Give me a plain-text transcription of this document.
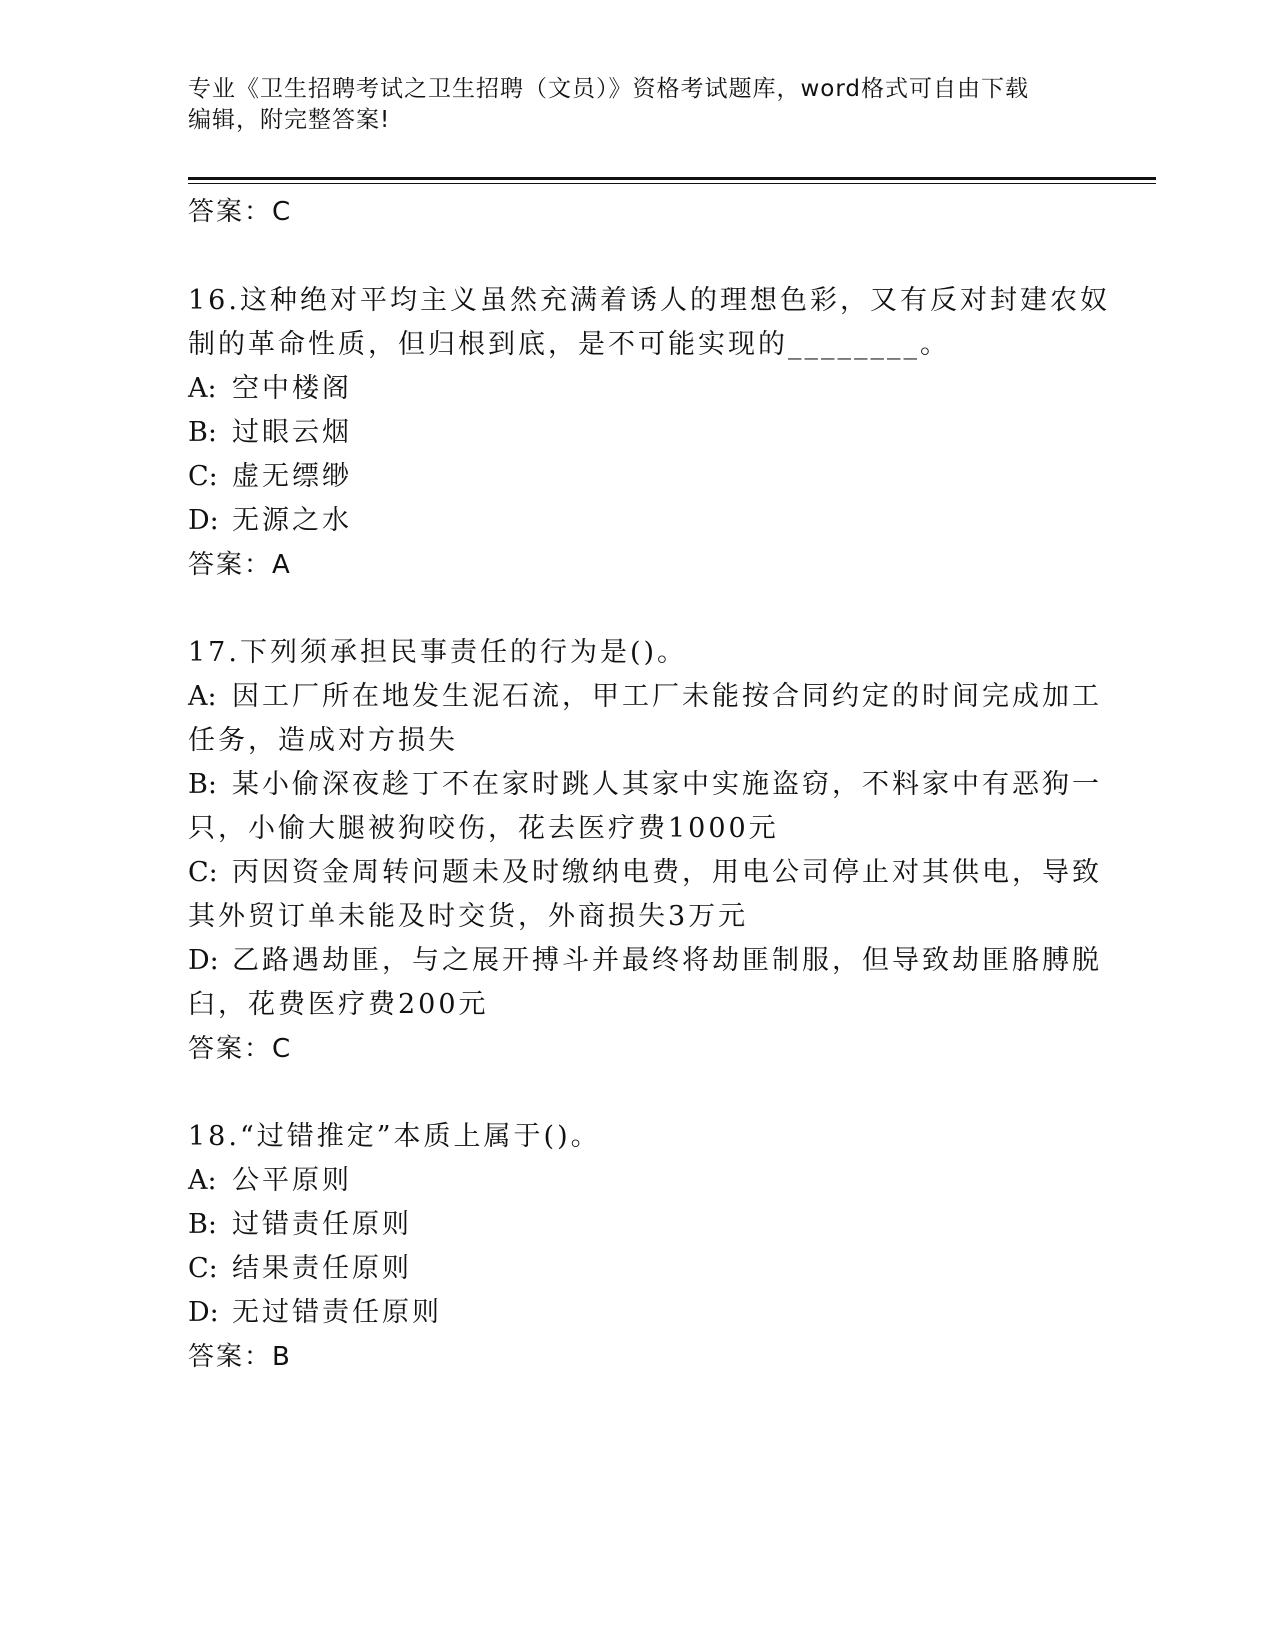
专业《卫生招聘考试之卫生招聘（文员）》资格考试题库，word格式可自由下载
编辑，附完整答案!
答案：C
16.这种绝对平均主义虽然充满着诱人的理想色彩，又有反对封建农奴
制的革命性质，但归根到底，是不可能实现的________。
A: 空中楼阁
B: 过眼云烟
C: 虚无缥缈
D: 无源之水
答案：A
17.下列须承担民事责任的行为是()。
A: 因工厂所在地发生泥石流，甲工厂未能按合同约定的时间完成加工
任务，造成对方损失
B: 某小偷深夜趁丁不在家时跳人其家中实施盗窃，不料家中有恶狗一
只，小偷大腿被狗咬伤，花去医疗费1000元
C: 丙因资金周转问题未及时缴纳电费，用电公司停止对其供电，导致
其外贸订单未能及时交货，外商损失3万元
D: 乙路遇劫匪，与之展开搏斗并最终将劫匪制服，但导致劫匪胳膊脱
臼，花费医疗费200元
答案：C
18.“过错推定”本质上属于()。
A: 公平原则
B: 过错责任原则
C: 结果责任原则
D: 无过错责任原则
答案：B
